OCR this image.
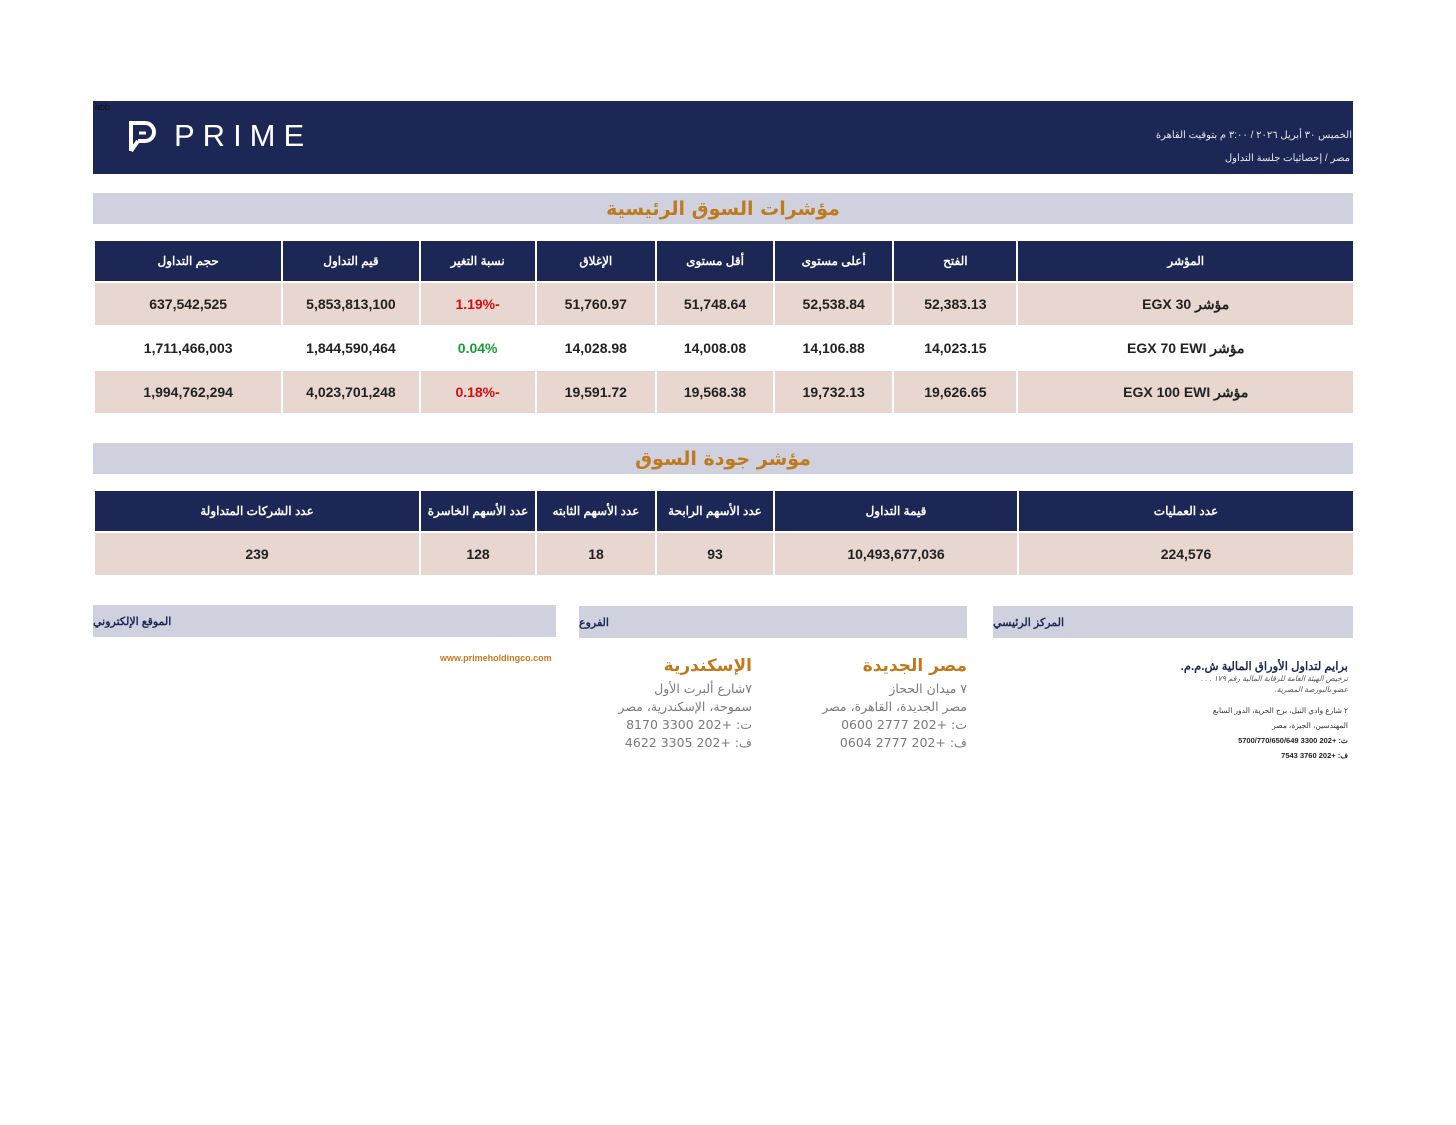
abb
PRIME	الخميس ٣٠ أبريل ٢٠٢٦ / ٣:٠٠ م بتوقيت القاهرة
مصر / إحصائيات جلسة التداول
مؤشرات السوق الرئيسية
المؤشر	الفتح	أعلى مستوى	أقل مستوى	الإغلاق	نسبة التغير	قيم التداول	حجم التداول
مؤشر EGX 30	52,383.13	52,538.84	51,748.64	51,760.97	-1.19%	5,853,813,100	637,542,525
مؤشر EGX 70 EWI	14,023.15	14,106.88	14,008.08	14,028.98	0.04%	1,844,590,464	1,711,466,003
مؤشر EGX 100 EWI	19,626.65	19,732.13	19,568.38	19,591.72	-0.18%	4,023,701,248	1,994,762,294
مؤشر جودة السوق
عدد العمليات	قيمة التداول	عدد الأسهم الرابحة	عدد الأسهم الثابته	عدد الأسهم الخاسرة	عدد الشركات المتداولة
224,576	10,493,677,036	93	18	128	239
الموقع الإلكتروني	الفروع	المركز الرئيسي
www.primeholdingco.com	مصر الجديدة
٧ ميدان الحجاز
مصر الجديدة، القاهرة، مصر
ت: +202 2777 0600
ف: +202 2777 0604
الإسكندرية
٧شارع ألبرت الأول
سموحة، الإسكندرية، مصر
ت: +202 3300 8170
ف: +202 3305 4622
برايم لتداول الأوراق المالية ش.م.م.
ترخيص الهيئة العامة للرقابة المالية رقم ١٧٩ . . .
عضو بالبورصة المصرية.
٢ شارع وادي النيل، برج الحرية، الدور السابع
المهندسين، الجيزة، مصر
ت: +202 3300 5700/770/650/649
ف: +202 3760 7543
